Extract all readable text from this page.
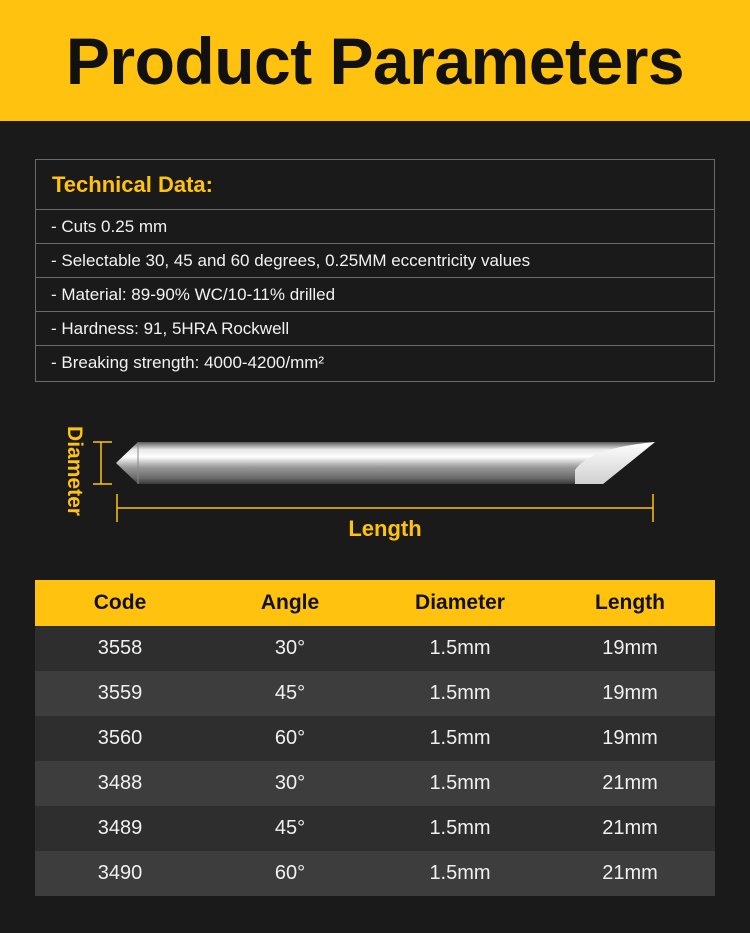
Product Parameters
Technical Data:
- Cuts 0.25 mm
- Selectable 30, 45 and 60 degrees, 0.25MM eccentricity values
- Material: 89-90% WC/10-11% drilled
- Hardness: 91, 5HRA Rockwell
- Breaking strength: 4000-4200/mm²
Diameter
Length
Code	Angle	Diameter	Length
3558	30°	1.5mm	19mm
3559	45°	1.5mm	19mm
3560	60°	1.5mm	19mm
3488	30°	1.5mm	21mm
3489	45°	1.5mm	21mm
3490	60°	1.5mm	21mm
